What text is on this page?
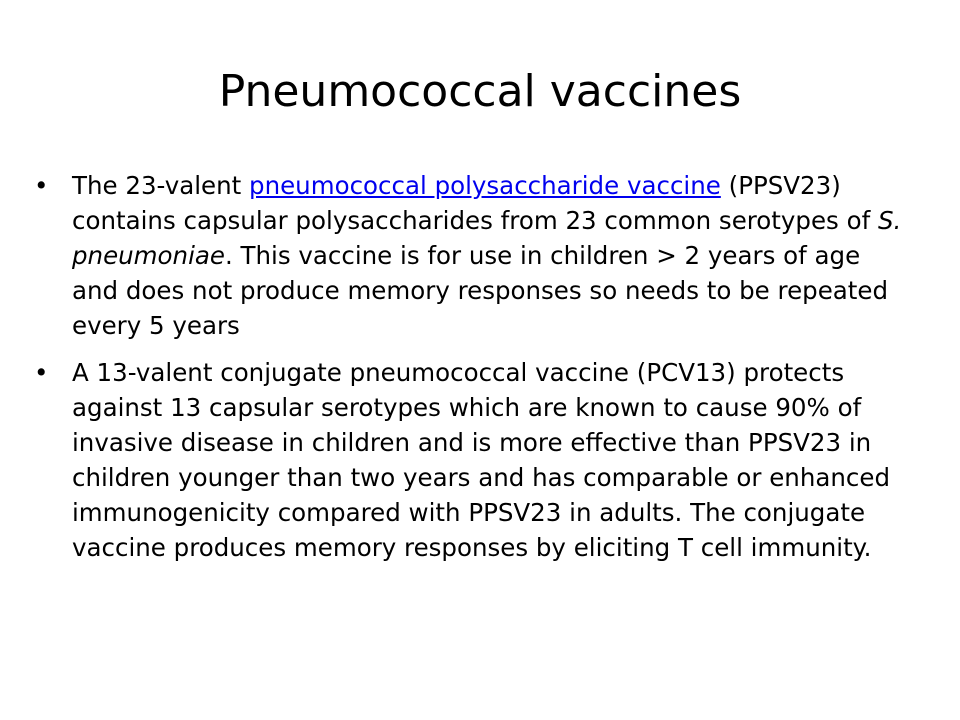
Pneumococcal vaccines
• The 23-valent pneumococcal polysaccharide vaccine (PPSV23) contains capsular polysaccharides from 23 common serotypes of S. pneumoniae. This vaccine is for use in children > 2 years of age and does not produce memory responses so needs to be repeated every 5 years
• A 13-valent conjugate pneumococcal vaccine (PCV13) protects against 13 capsular serotypes which are known to cause 90% of invasive disease in children and is more effective than PPSV23 in children younger than two years and has comparable or enhanced immunogenicity compared with PPSV23 in adults. The conjugate vaccine produces memory responses by eliciting T cell immunity.
